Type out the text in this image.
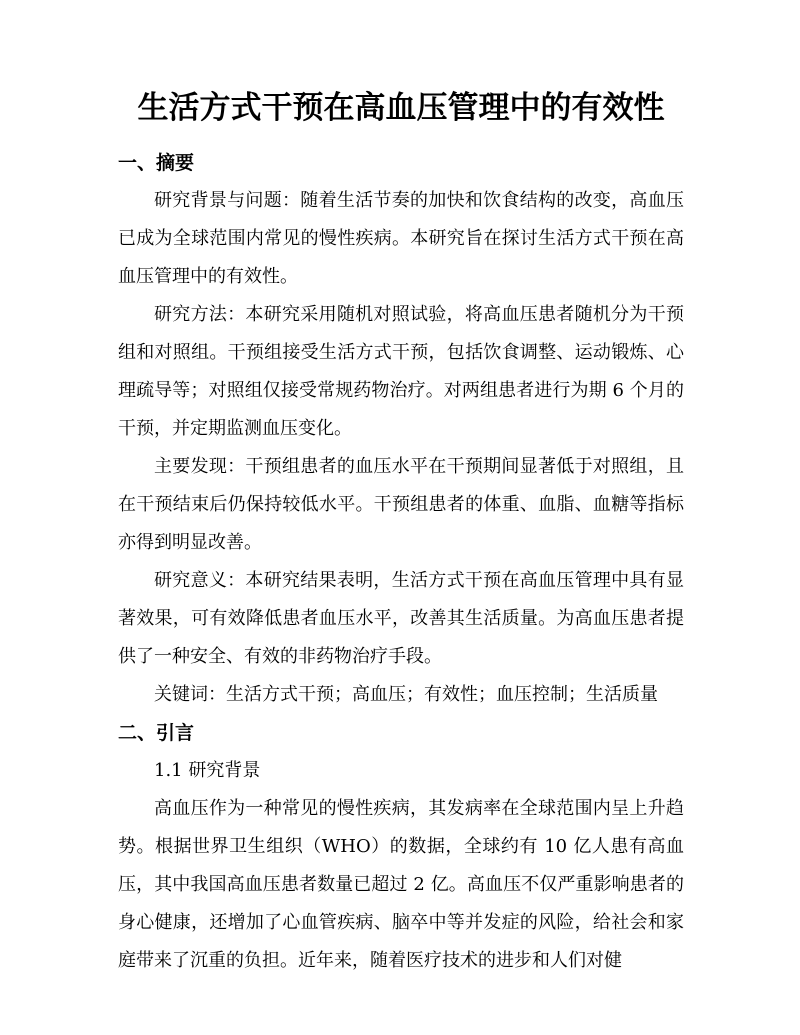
生活方式干预在高血压管理中的有效性
一、摘要

研究背景与问题：随着生活节奏的加快和饮食结构的改变，高血压已成为全球范围内常见的慢性疾病。本研究旨在探讨生活方式干预在高血压管理中的有效性。

研究方法：本研究采用随机对照试验，将高血压患者随机分为干预组和对照组。干预组接受生活方式干预，包括饮食调整、运动锻炼、心理疏导等；对照组仅接受常规药物治疗。对两组患者进行为期 6 个月的干预，并定期监测血压变化。

主要发现：干预组患者的血压水平在干预期间显著低于对照组，且在干预结束后仍保持较低水平。干预组患者的体重、血脂、血糖等指标亦得到明显改善。

研究意义：本研究结果表明，生活方式干预在高血压管理中具有显著效果，可有效降低患者血压水平，改善其生活质量。为高血压患者提供了一种安全、有效的非药物治疗手段。

关键词：生活方式干预；高血压；有效性；血压控制；生活质量

二、引言

1.1 研究背景

高血压作为一种常见的慢性疾病，其发病率在全球范围内呈上升趋势。根据世界卫生组织（WHO）的数据，全球约有 10 亿人患有高血压，其中我国高血压患者数量已超过 2 亿。高血压不仅严重影响患者的身心健康，还增加了心血管疾病、脑卒中等并发症的风险，给社会和家庭带来了沉重的负担。近年来，随着医疗技术的进步和人们对健
